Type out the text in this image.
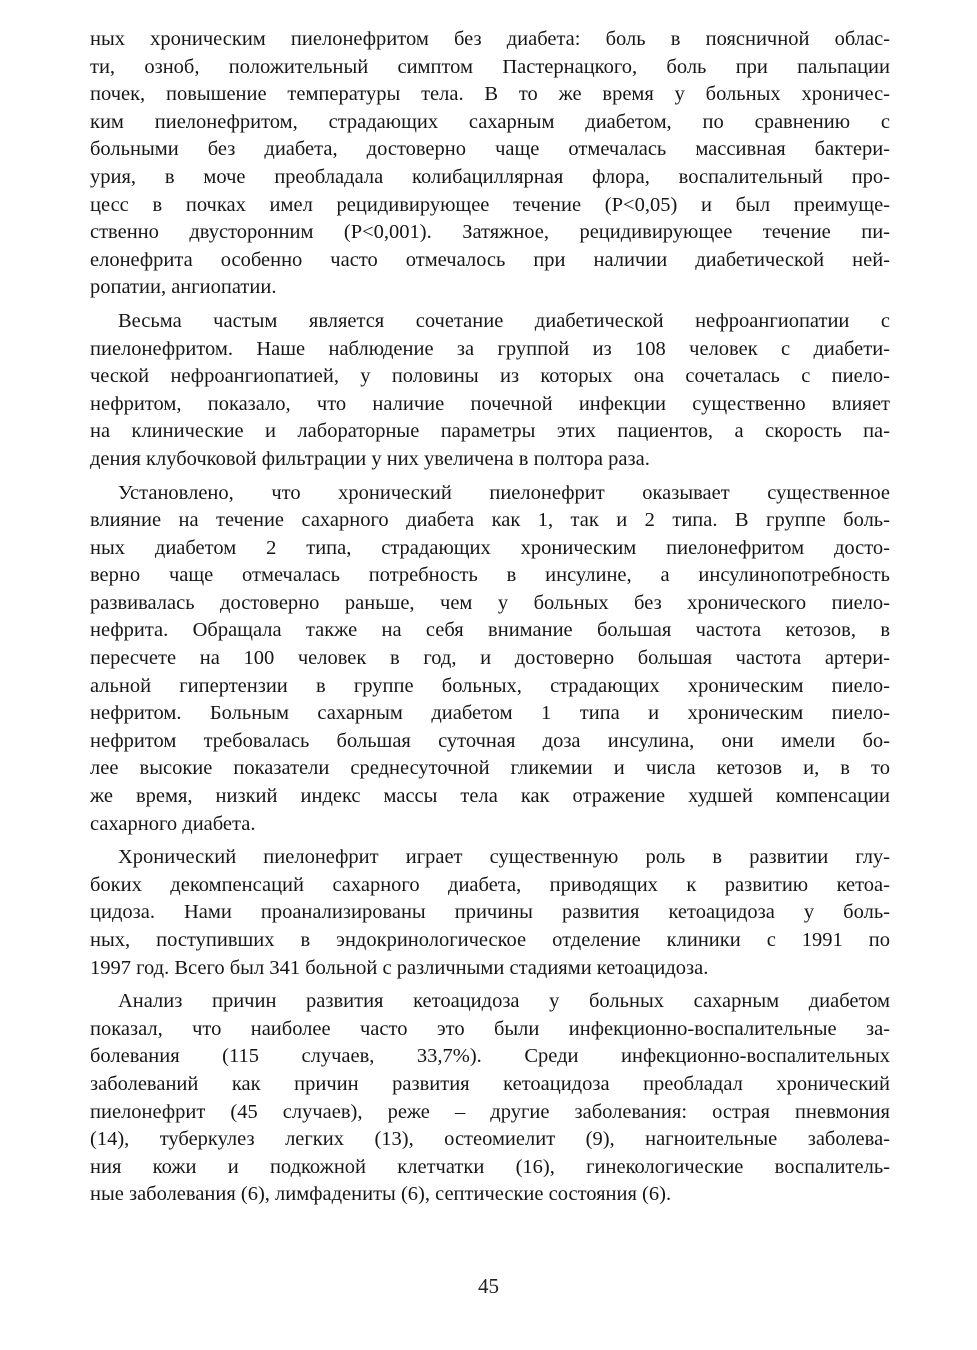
ных хроническим пиелонефритом без диабета: боль в поясничной облас-
ти, озноб, положительный симптом Пастернацкого, боль при пальпации
почек, повышение температуры тела. В то же время у больных хроничес-
ким пиелонефритом, страдающих сахарным диабетом, по сравнению с
больными без диабета, достоверно чаще отмечалась массивная бактери-
урия, в моче преобладала колибациллярная флора, воспалительный про-
цесс в почках имел рецидивирующее течение (Р<0,05) и был преимуще-
ственно двусторонним (Р<0,001). Затяжное, рецидивирующее течение пи-
елонефрита особенно часто отмечалось при наличии диабетической ней-
ропатии, ангиопатии.
Весьма частым является сочетание диабетической нефроангиопатии с
пиелонефритом. Наше наблюдение за группой из 108 человек с диабети-
ческой нефроангиопатией, у половины из которых она сочеталась с пиело-
нефритом, показало, что наличие почечной инфекции существенно влияет
на клинические и лабораторные параметры этих пациентов, а скорость па-
дения клубочковой фильтрации у них увеличена в полтора раза.
Установлено, что хронический пиелонефрит оказывает существенное
влияние на течение сахарного диабета как 1, так и 2 типа. В группе боль-
ных диабетом 2 типа, страдающих хроническим пиелонефритом досто-
верно чаще отмечалась потребность в инсулине, а инсулинопотребность
развивалась достоверно раньше, чем у больных без хронического пиело-
нефрита. Обращала также на себя внимание большая частота кетозов, в
пересчете на 100 человек в год, и достоверно большая частота артери-
альной гипертензии в группе больных, страдающих хроническим пиело-
нефритом. Больным сахарным диабетом 1 типа и хроническим пиело-
нефритом требовалась большая суточная доза инсулина, они имели бо-
лее высокие показатели среднесуточной гликемии и числа кетозов и, в то
же время, низкий индекс массы тела как отражение худшей компенсации
сахарного диабета.
Хронический пиелонефрит играет существенную роль в развитии глу-
боких декомпенсаций сахарного диабета, приводящих к развитию кетоа-
цидоза. Нами проанализированы причины развития кетоацидоза у боль-
ных, поступивших в эндокринологическое отделение клиники с 1991 по
1997 год. Всего был 341 больной с различными стадиями кетоацидоза.
Анализ причин развития кетоацидоза у больных сахарным диабетом
показал, что наиболее часто это были инфекционно-воспалительные за-
болевания (115 случаев, 33,7%). Среди инфекционно-воспалительных
заболеваний как причин развития кетоацидоза преобладал хронический
пиелонефрит (45 случаев), реже – другие заболевания: острая пневмония
(14), туберкулез легких (13), остеомиелит (9), нагноительные заболева-
ния кожи и подкожной клетчатки (16), гинекологические воспалитель-
ные заболевания (6), лимфадениты (6), септические состояния (6).
45
